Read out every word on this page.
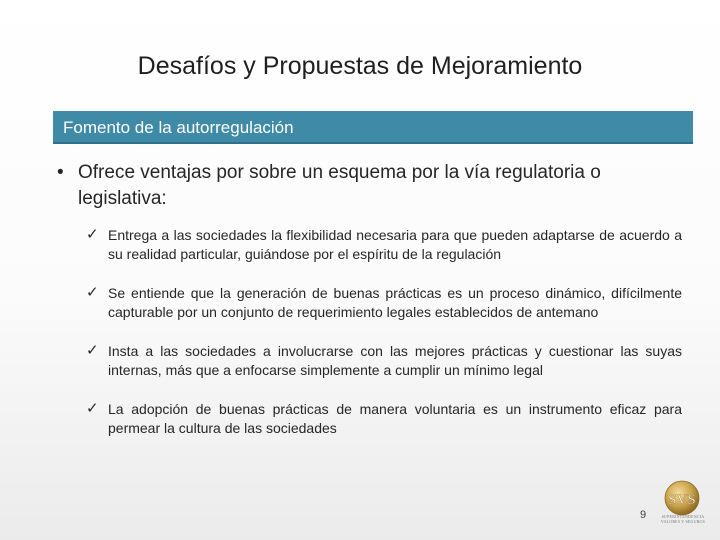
Desafíos y Propuestas de Mejoramiento
Fomento de la autorregulación
• Ofrece ventajas por sobre un esquema por la vía regulatoria o legislativa:
✓ Entrega a las sociedades la flexibilidad necesaria para que pueden adaptarse de acuerdo a su realidad particular, guiándose por el espíritu de la regulación
✓ Se entiende que la generación de buenas prácticas es un proceso dinámico, difícilmente capturable por un conjunto de requerimiento legales establecidos de antemano
✓ Insta a las sociedades a involucrarse con las mejores prácticas y cuestionar las suyas internas, más que a enfocarse simplemente a cumplir un mínimo legal
✓ La adopción de buenas prácticas de manera voluntaria es un instrumento eficaz para permear la cultura de las sociedades
SVS
9	SUPERINTENDENCIA VALORES Y SEGUROS
